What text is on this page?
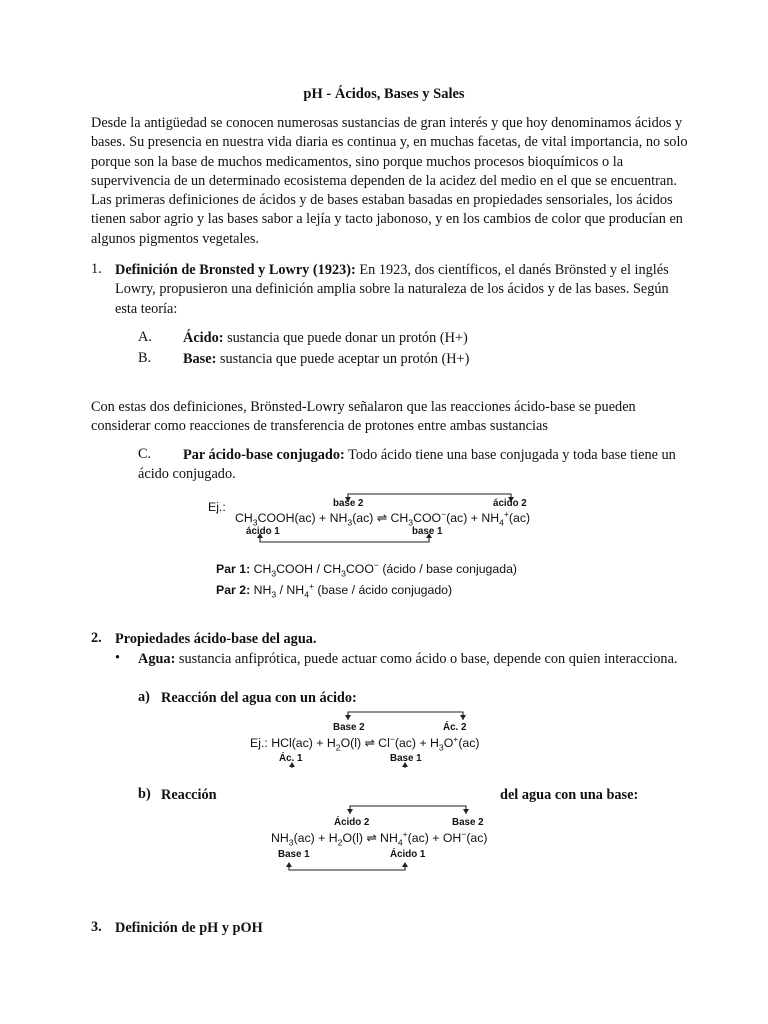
pH - Ácidos, Bases y Sales
Desde la antigüedad se conocen numerosas sustancias de gran interés y que hoy denominamos ácidos y bases. Su presencia en nuestra vida diaria es continua y, en muchas facetas, de vital importancia, no solo porque son la base de muchos medicamentos, sino porque muchos procesos bioquímicos o la supervivencia de un determinado ecosistema dependen de la acidez del medio en el que se encuentran. Las primeras definiciones de ácidos y de bases estaban basadas en propiedades sensoriales, los ácidos tienen sabor agrio y las bases sabor a lejía y tacto jabonoso, y en los cambios de color que producían en algunos pigmentos vegetales.
1. Definición de Bronsted y Lowry (1923): En 1923, dos científicos, el danés Brönsted y el inglés Lowry, propusieron una definición amplia sobre la naturaleza de los ácidos y de las bases. Según esta teoría:
A. Ácido: sustancia que puede donar un protón (H+)
B. Base: sustancia que puede aceptar un protón (H+)
Con estas dos definiciones, Brönsted-Lowry señalaron que las reacciones ácido-base se pueden considerar como reacciones de transferencia de protones entre ambas sustancias
C.	Par ácido-base conjugado: Todo ácido tiene una base conjugada y toda base tiene un ácido conjugado.
Ej.:	base 2	ácido 2
$CH_3COOH(ac) + NH_3(ac)$ ⇌ $CH_3COO^-(ac) + NH_4^+(ac)$
ácido 1	base 1
Par 1: $CH_3COOH / CH_3COO^-$ (ácido / base conjugada)
Par 2: $NH_3 / NH_4^+$ (base / ácido conjugado)
2. Propiedades ácido-base del agua.
• Agua: sustancia anfiprótica, puede actuar como ácido o base, depende con quien interacciona.
a) Reacción del agua con un ácido:
Base 2	Ác. 2
Ej.: $HCl(ac) + H_2O(l)$ ⇌ $Cl^-(ac) + H_3O^+(ac)$
Ác. 1	Base 1
b) Reacción	del agua con una base:
Ácido 2	Base 2
$NH_3(ac) + H_2O(l)$ ⇌ $NH_4^+(ac) + OH^-(ac)$
Base 1	Ácido 1
3. Definición de pH y pOH
